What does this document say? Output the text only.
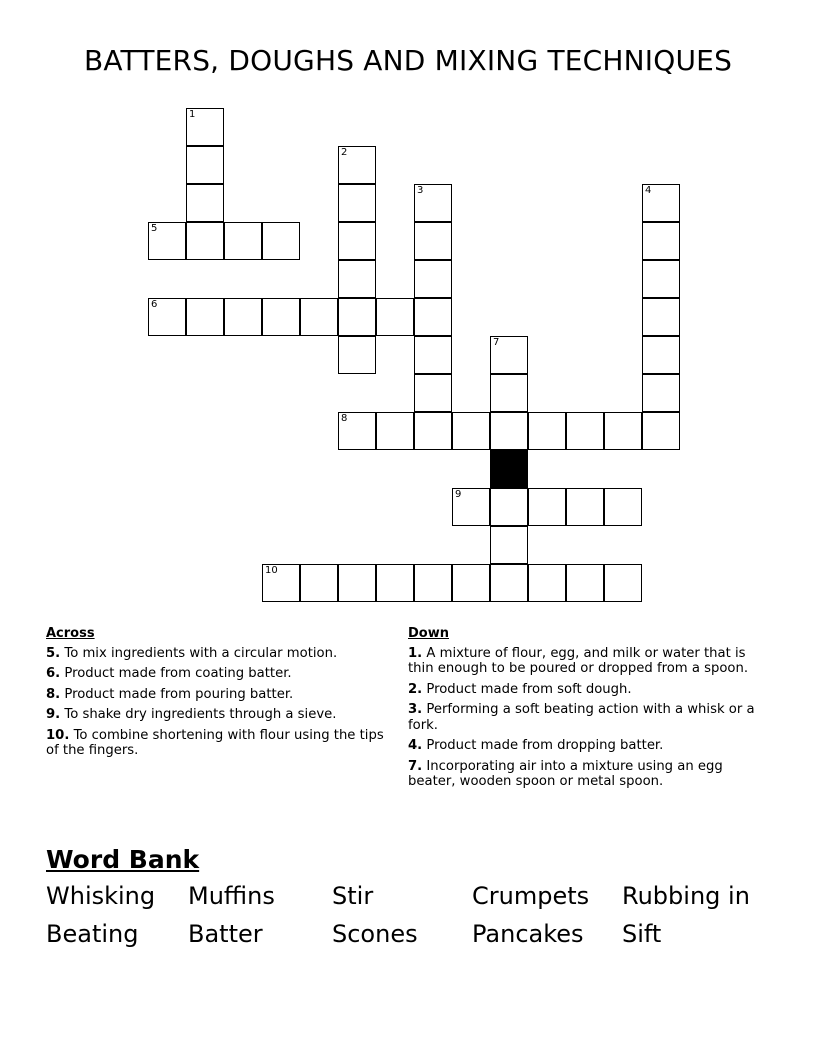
BATTERS, DOUGHS AND MIXING TECHNIQUES
1
5
6
2
3	4
8
7
9
10
Across
5. To mix ingredients with a circular motion.
6. Product made from coating batter.
8. Product made from pouring batter.
9. To shake dry ingredients through a sieve.
10. To combine shortening with flour using the tips of the fingers.
Down
1. A mixture of flour, egg, and milk or water that is thin enough to be poured or dropped from a spoon.
2. Product made from soft dough.
3. Performing a soft beating action with a whisk or a fork.
4. Product made from dropping batter.
7. Incorporating air into a mixture using an egg beater, wooden spoon or metal spoon.
Word Bank
Whisking	Muffins	Stir	Crumpets	Rubbing in
Beating	Batter	Scones	Pancakes	Sift
